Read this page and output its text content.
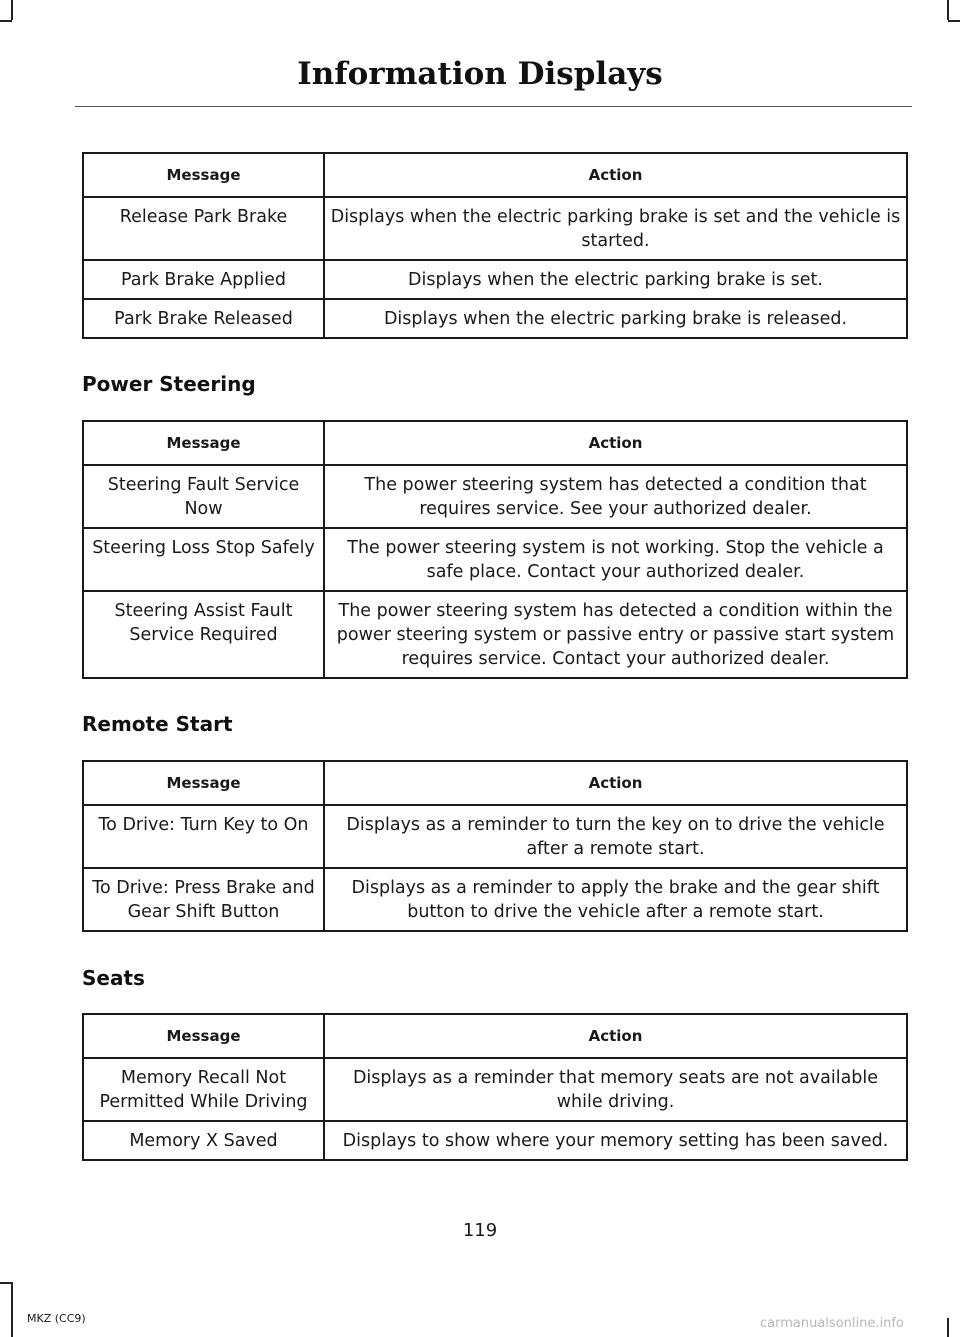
Information Displays
Message	Action
Release Park Brake	Displays when the electric parking brake is set and the vehicle is started.
Park Brake Applied	Displays when the electric parking brake is set.
Park Brake Released	Displays when the electric parking brake is released.
Power Steering
Message	Action
Steering Fault Service Now	The power steering system has detected a condition that requires service. See your authorized dealer.
Steering Loss Stop Safely	The power steering system is not working. Stop the vehicle a safe place. Contact your authorized dealer.
Steering Assist Fault Service Required	The power steering system has detected a condition within the power steering system or passive entry or passive start system requires service. Contact your authorized dealer.
Remote Start
Message	Action
To Drive: Turn Key to On	Displays as a reminder to turn the key on to drive the vehicle after a remote start.
To Drive: Press Brake and Gear Shift Button	Displays as a reminder to apply the brake and the gear shift button to drive the vehicle after a remote start.
Seats
Message	Action
Memory Recall Not Permitted While Driving	Displays as a reminder that memory seats are not available while driving.
Memory X Saved	Displays to show where your memory setting has been saved.
119
MKZ (CC9)	carmanualsonline.info
